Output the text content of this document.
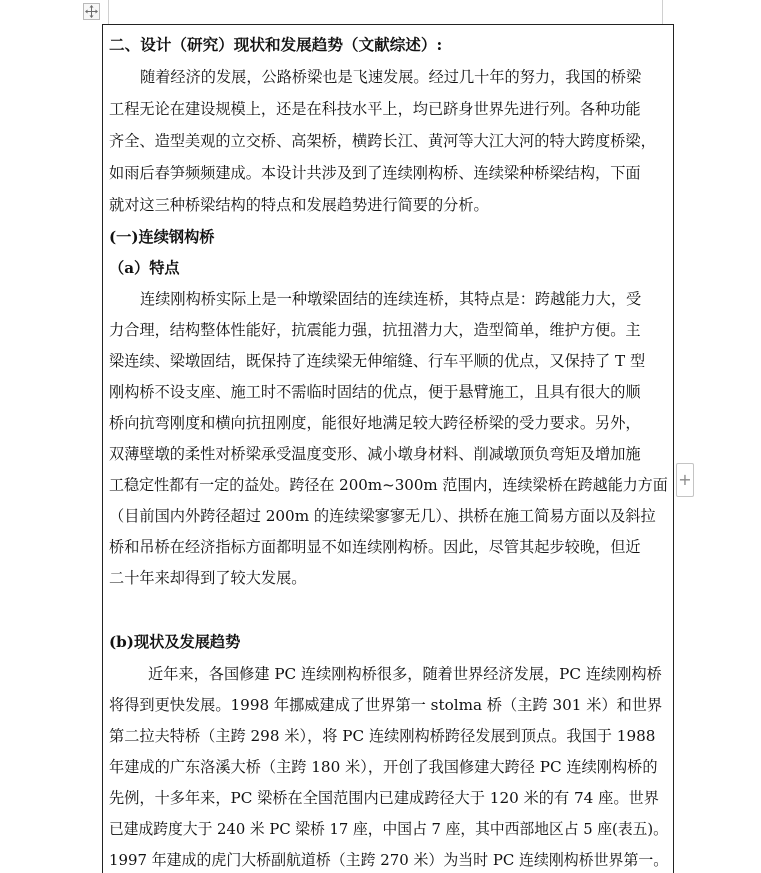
+
二、设计（研究）现状和发展趋势（文献综述）:
随着经济的发展，公路桥梁也是飞速发展。经过几十年的努力，我国的桥梁
工程无论在建设规模上，还是在科技水平上，均已跻身世界先进行列。各种功能
齐全、造型美观的立交桥、高架桥，横跨长江、黄河等大江大河的特大跨度桥梁，
如雨后春笋频频建成。本设计共涉及到了连续刚构桥、连续梁种桥梁结构，下面
就对这三种桥梁结构的特点和发展趋势进行简要的分析。
(一)连续钢构桥
（a）特点
连续刚构桥实际上是一种墩梁固结的连续连桥，其特点是：跨越能力大，受
力合理，结构整体性能好，抗震能力强，抗扭潜力大，造型简单，维护方便。主
梁连续、梁墩固结，既保持了连续梁无伸缩缝、行车平顺的优点，又保持了 T 型
刚构桥不设支座、施工时不需临时固结的优点，便于悬臂施工，且具有很大的顺
桥向抗弯刚度和横向抗扭刚度，能很好地满足较大跨径桥梁的受力要求。另外，
双薄壁墩的柔性对桥梁承受温度变形、减小墩身材料、削减墩顶负弯矩及增加施
工稳定性都有一定的益处。跨径在 200m~300m 范围内，连续梁桥在跨越能力方面
（目前国内外跨径超过 200m 的连续梁寥寥无几）、拱桥在施工简易方面以及斜拉
桥和吊桥在经济指标方面都明显不如连续刚构桥。因此，尽管其起步较晚，但近
二十年来却得到了较大发展。
(b)现状及发展趋势
近年来，各国修建 PC 连续刚构桥很多，随着世界经济发展，PC 连续刚构桥
将得到更快发展。1998 年挪威建成了世界第一 stolma 桥（主跨 301 米）和世界
第二拉夫特桥（主跨 298 米），将 PC 连续刚构桥跨径发展到顶点。我国于 1988
年建成的广东洛溪大桥（主跨 180 米），开创了我国修建大跨径 PC 连续刚构桥的
先例，十多年来，PC 梁桥在全国范围内已建成跨径大于 120 米的有 74 座。世界
已建成跨度大于 240 米 PC 梁桥 17 座，中国占 7 座，其中西部地区占 5 座(表五)。
1997 年建成的虎门大桥副航道桥（主跨 270 米）为当时 PC 连续刚构桥世界第一。
